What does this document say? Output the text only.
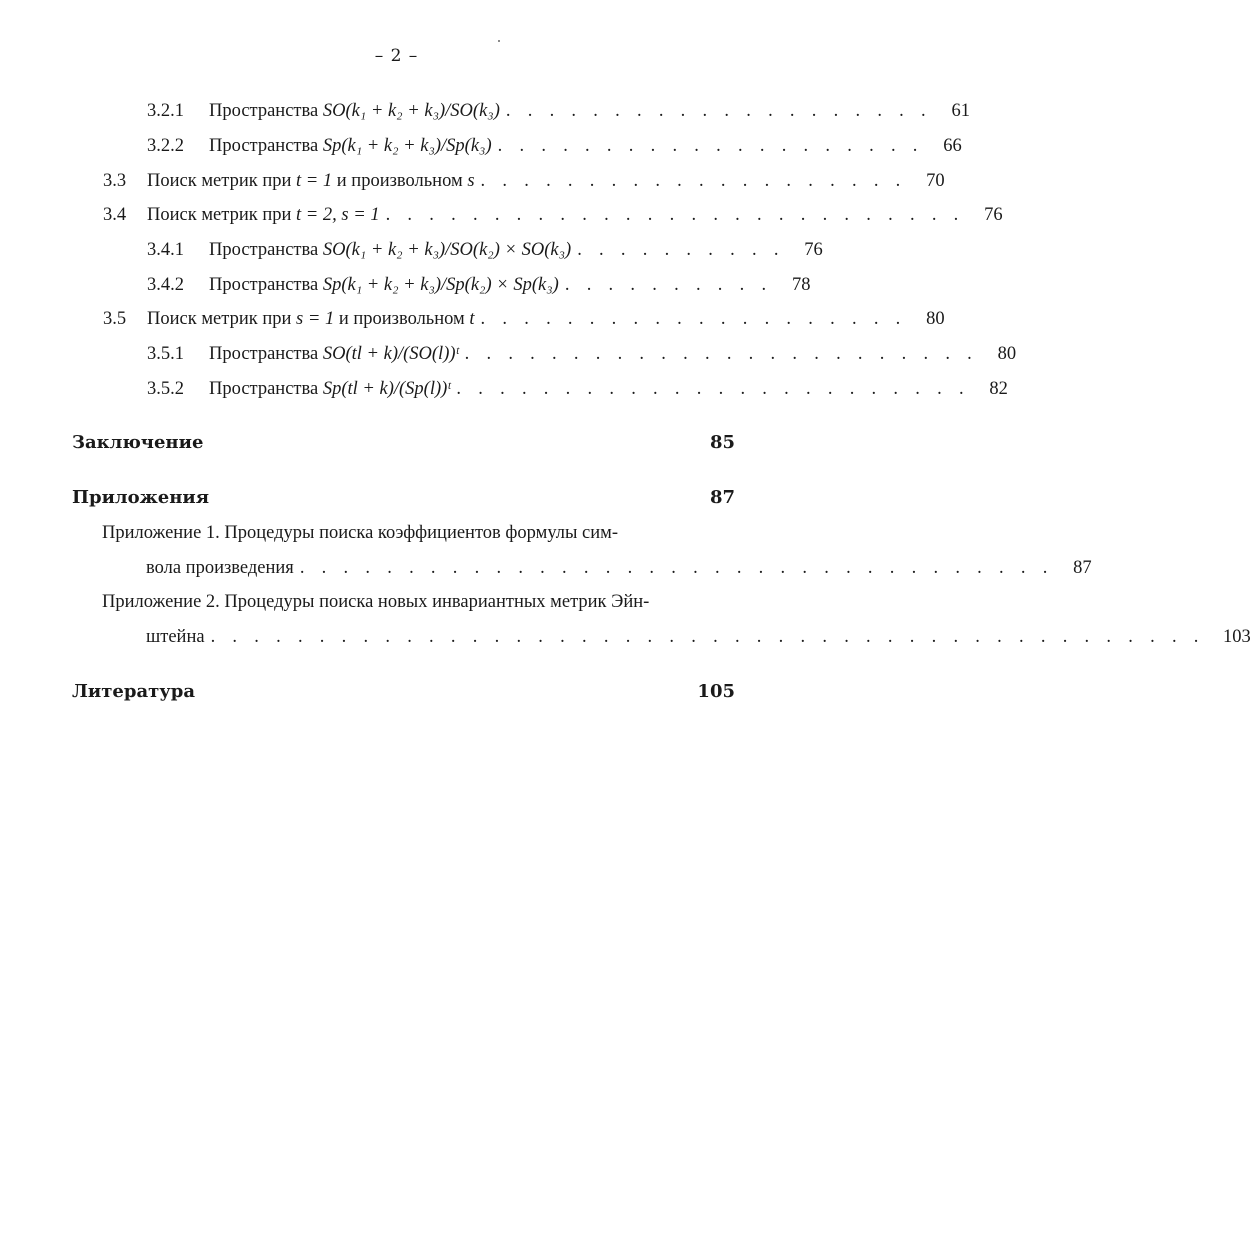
– 2 –
3.2.1	Пространства SO(k₁ + k₂ + k₃)/SO(k₃) . . . . . . . . . . . . . . . . . . . .	61
3.2.2	Пространства Sp(k₁ + k₂ + k₃)/Sp(k₃) . . . . . . . . . . . . . . . . . . . .	66
3.3	Поиск метрик при t = 1 и произвольном s . . . . . . . . . . . . . . . . . . . .	70
3.4	Поиск метрик при t = 2, s = 1 . . . . . . . . . . . . . . . . . . . . . . . . . . .	76
3.4.1	Пространства SO(k₁ + k₂ + k₃)/SO(k₂) × SO(k₃) . . . . . . . . . .	76
3.4.2	Пространства Sp(k₁ + k₂ + k₃)/Sp(k₂) × Sp(k₃) . . . . . . . . . .	78
3.5	Поиск метрик при s = 1 и произвольном t . . . . . . . . . . . . . . . . . . . .	80
3.5.1	Пространства SO(tl + k)/(SO(l))ᵗ . . . . . . . . . . . . . . . . . . . . . . . .	80
3.5.2	Пространства Sp(tl + k)/(Sp(l))ᵗ . . . . . . . . . . . . . . . . . . . . . . . .	82
Заключение	85
Приложения	87
Приложение 1. Процедуры поиска коэффициентов формулы сим-
вола произведения . . . . . . . . . . . . . . . . . . . . . . . . . . . . . . . . . . .	87
Приложение 2. Процедуры поиска новых инвариантных метрик Эйн-
штейна . . . . . . . . . . . . . . . . . . . . . . . . . . . . . . . . . . . . . . . . . . . . . . 103
Литература	105
